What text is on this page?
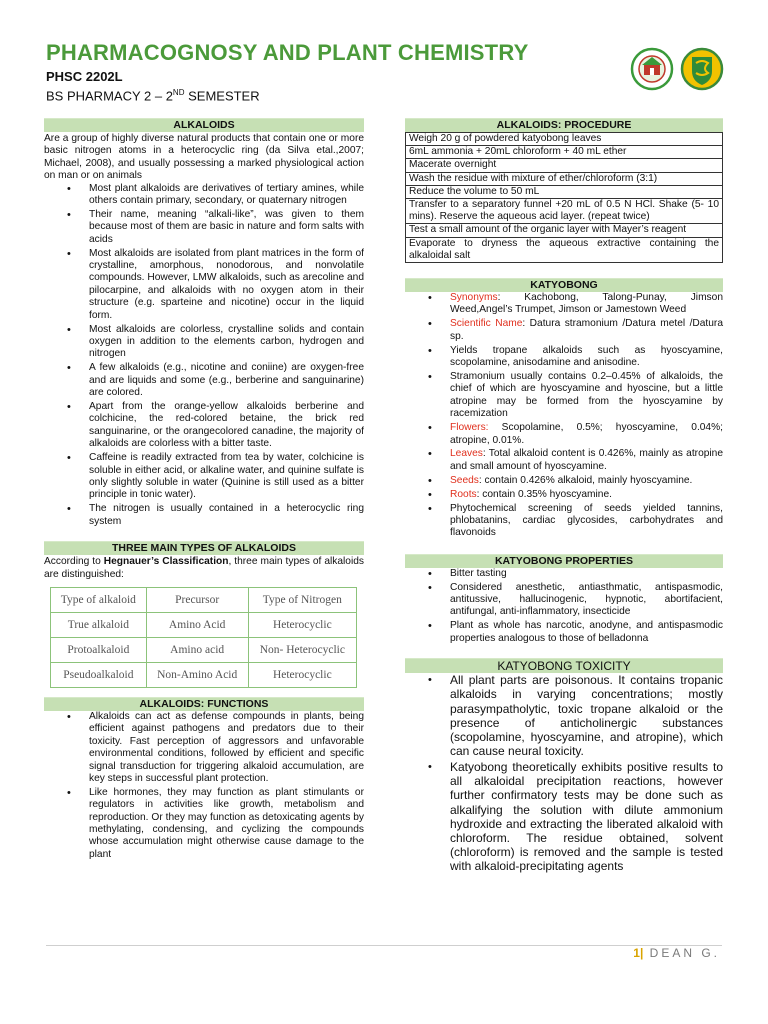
PHARMACOGNOSY AND PLANT CHEMISTRY
PHSC 2202L
BS PHARMACY 2 – 2ND SEMESTER
ALKALOIDS
Are a group of highly diverse natural products that contain one or more basic nitrogen atoms in a heterocyclic ring (da Silva etal.,2007; Michael, 2008), and usually possessing a marked physiological action on man or on animals
• Most plant alkaloids are derivatives of tertiary amines, while others contain primary, secondary, or quaternary nitrogen
• Their name, meaning “alkali-like”, was given to them because most of them are basic in nature and form salts with acids
• Most alkaloids are isolated from plant matrices in the form of crystalline, amorphous, nonodorous, and nonvolatile compounds. However, LMW alkaloids, such as arecoline and pilocarpine, and alkaloids with no oxygen atom in their structure (e.g. sparteine and nicotine) occur in the liquid form.
• Most alkaloids are colorless, crystalline solids and contain oxygen in addition to the elements carbon, hydrogen and nitrogen
• A few alkaloids (e.g., nicotine and coniine) are oxygen-free and are liquids and some (e.g., berberine and sanguinarine) are colored.
• Apart from the orange-yellow alkaloids berberine and colchicine, the red-colored betaine, the brick red sanguinarine, or the orangecolored canadine, the majority of alkaloids are colorless with a bitter taste.
• Caffeine is readily extracted from tea by water, colchicine is soluble in either acid, or alkaline water, and quinine sulfate is only slightly soluble in water (Quinine is still used as a bitter principle in tonic water).
• The nitrogen is usually contained in a heterocyclic ring system
THREE MAIN TYPES OF ALKALOIDS
According to Hegnauer’s Classification, three main types of alkaloids are distinguished:
Type of alkaloid	Precursor	Type of Nitrogen
True alkaloid	Amino Acid	Heterocyclic
Protoalkaloid	Amino acid	Non- Heterocyclic
Pseudoalkaloid	Non-Amino Acid	Heterocyclic
ALKALOIDS: FUNCTIONS
• Alkaloids can act as defense compounds in plants, being efficient against pathogens and predators due to their toxicity. Fast perception of aggressors and unfavorable environmental conditions, followed by efficient and specific signal transduction for triggering alkaloid accumulation, are key steps in successful plant protection.
• Like hormones, they may function as plant stimulants or regulators in activities like growth, metabolism and reproduction. Or they may function as detoxicating agents by methylating, condensing, and cyclizing the compounds whose accumulation might otherwise cause damage to the plant
ALKALOIDS: PROCEDURE
Weigh 20 g of powdered katyobong leaves
6mL ammonia + 20mL chloroform + 40 mL ether
Macerate overnight
Wash the residue with mixture of ether/chloroform (3:1)
Reduce the volume to 50 mL
Transfer to a separatory funnel +20 mL of 0.5 N HCl. Shake (5- 10 mins). Reserve the aqueous acid layer. (repeat twice)
Test a small amount of the organic layer with Mayer’s reagent
Evaporate to dryness the aqueous extractive containing the alkaloidal salt
KATYOBONG
• Synonyms: Kachobong, Talong-Punay, Jimson Weed,Angel’s Trumpet, Jimson or Jamestown Weed
• Scientific Name: Datura stramonium /Datura metel /Datura sp.
• Yields tropane alkaloids such as hyoscyamine, scopolamine, anisodamine and anisodine.
• Stramonium usually contains 0.2–0.45% of alkaloids, the chief of which are hyoscyamine and hyoscine, but a little atropine may be formed from the hyoscyamine by racemization
• Flowers: Scopolamine, 0.5%; hyoscyamine, 0.04%; atropine, 0.01%.
• Leaves: Total alkaloid content is 0.426%, mainly as atropine and small amount of hyoscyamine.
• Seeds: contain 0.426% alkaloid, mainly hyoscyamine.
• Roots: contain 0.35% hyoscyamine.
• Phytochemical screening of seeds yielded tannins, phlobatanins, cardiac glycosides, carbohydrates and flavonoids
KATYOBONG PROPERTIES
• Bitter tasting
• Considered anesthetic, antiasthmatic, antispasmodic, antitussive, hallucinogenic, hypnotic, abortifacient, antifungal, anti-inflammatory, insecticide
• Plant as whole has narcotic, anodyne, and antispasmodic properties analogous to those of belladonna
KATYOBONG TOXICITY
• All plant parts are poisonous. It contains tropanic alkaloids in varying concentrations; mostly parasympatholytic, toxic tropane alkaloid or the presence of anticholinergic substances (scopolamine, hyoscyamine, and atropine), which can cause neural toxicity.
• Katyobong theoretically exhibits positive results to all alkaloidal precipitation reactions, however further confirmatory tests may be done such as alkalifying the solution with dilute ammonium hydroxide and extracting the liberated alkaloid with chloroform. The residue obtained, solvent (chloroform) is removed and the sample is tested with alkaloid-precipitating agents
1| DEAN G.
